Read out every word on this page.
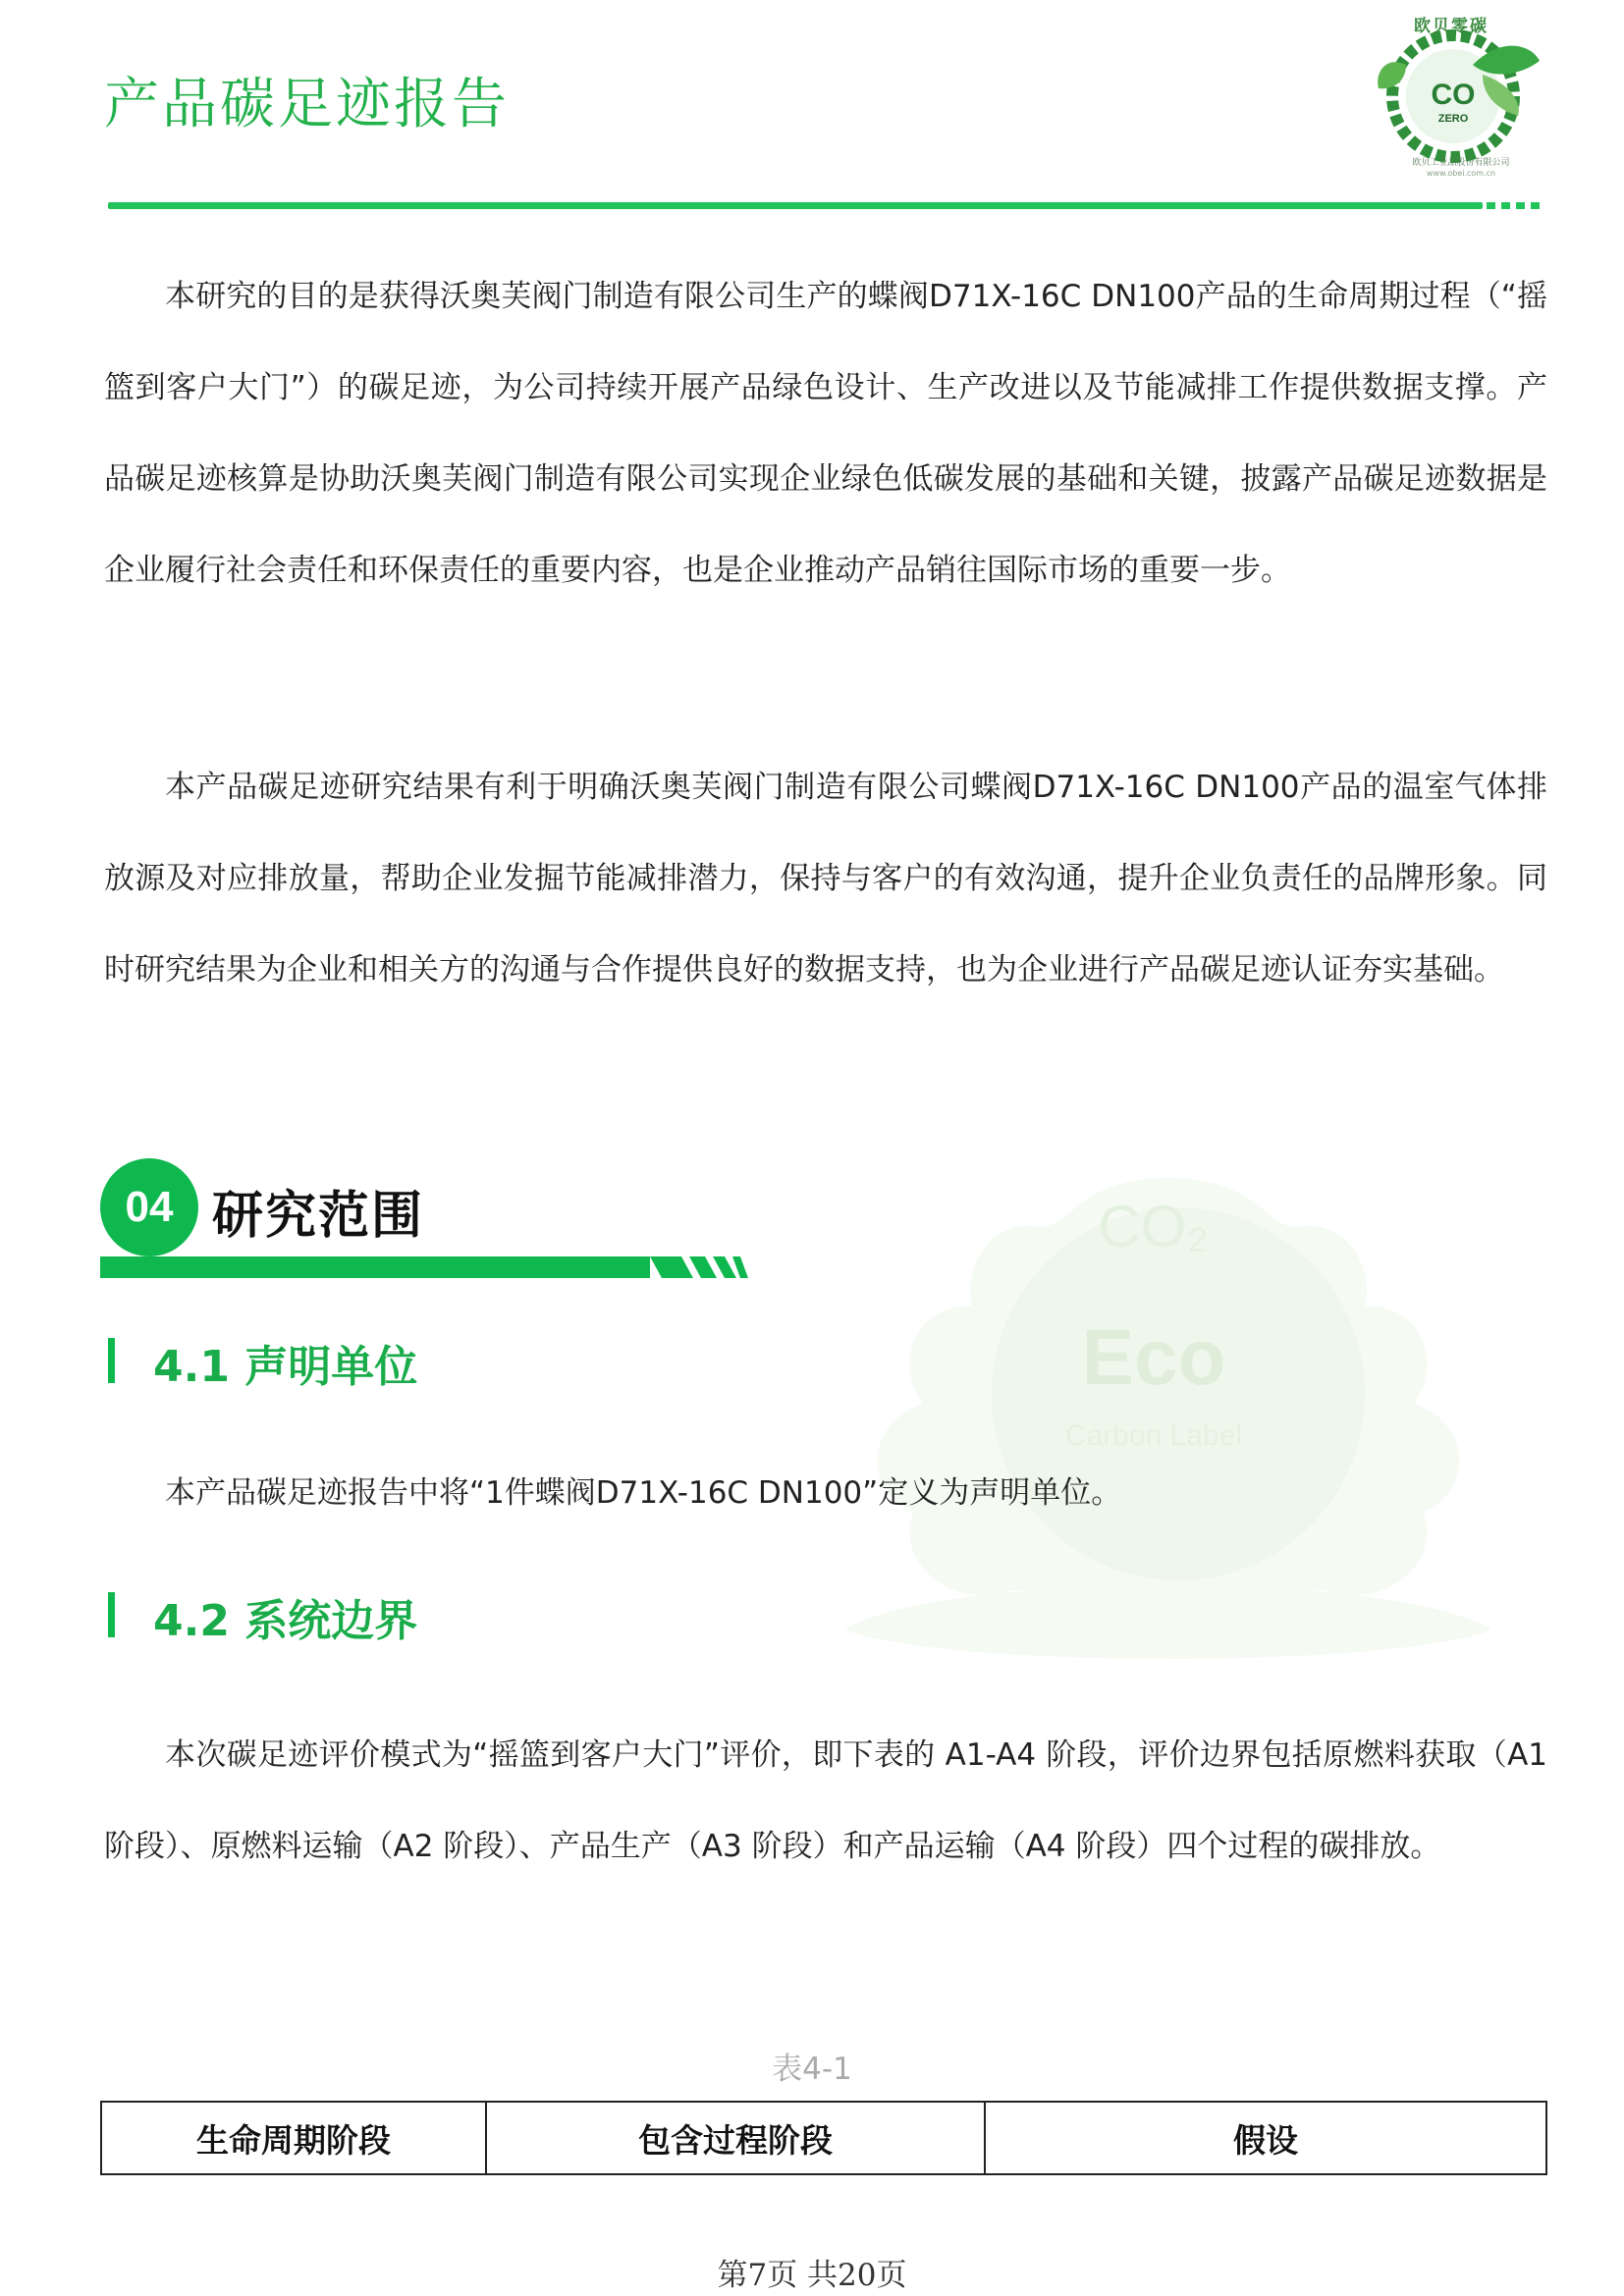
产品碳足迹报告	CO
ZERO
欧贝零碳
欧贝工业品股份有限公司
www.obei.com.cn
CO₂
Eco
Carbon Label
本研究的目的是获得沃奥芙阀门制造有限公司生产的蝶阀D71X-16C DN100产品的生命周期过程（“摇篮到客户大门”）的碳足迹，为公司持续开展产品绿色设计、生产改进以及节能减排工作提供数据支撑。产品碳足迹核算是协助沃奥芙阀门制造有限公司实现企业绿色低碳发展的基础和关键，披露产品碳足迹数据是企业履行社会责任和环保责任的重要内容，也是企业推动产品销往国际市场的重要一步。
本产品碳足迹研究结果有利于明确沃奥芙阀门制造有限公司蝶阀D71X-16C DN100产品的温室气体排放源及对应排放量，帮助企业发掘节能减排潜力，保持与客户的有效沟通，提升企业负责任的品牌形象。同时研究结果为企业和相关方的沟通与合作提供良好的数据支持，也为企业进行产品碳足迹认证夯实基础。
04 研究范围
4.1 声明单位
本产品碳足迹报告中将“1件蝶阀D71X-16C DN100”定义为声明单位。
4.2 系统边界
本次碳足迹评价模式为“摇篮到客户大门”评价，即下表的 A1-A4 阶段，评价边界包括原燃料获取（A1 阶段）、原燃料运输（A2 阶段）、产品生产（A3 阶段）和产品运输（A4 阶段）四个过程的碳排放。
表4-1
生命周期阶段	包含过程阶段	假设
第7页 共20页
